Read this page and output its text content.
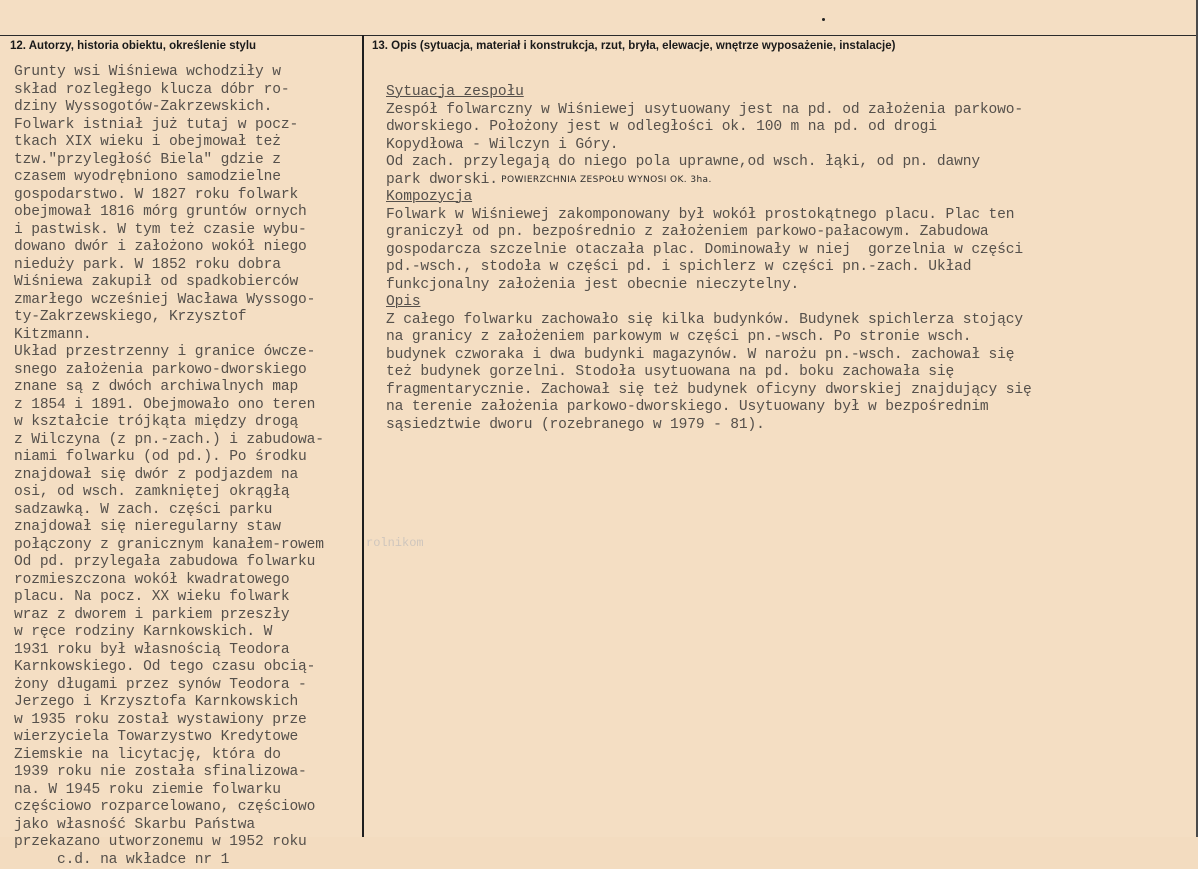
12. Autorzy, historia obiektu, określenie stylu	13. Opis (sytuacja, materiał i konstrukcja, rzut, bryła, elewacje, wnętrze wyposażenie, instalacje)
Grunty wsi Wiśniewa wchodziły w
skład rozległego klucza dóbr ro-
dziny Wyssogotów-Zakrzewskich.
Folwark istniał już tutaj w pocz-
tkach XIX wieku i obejmował też
tzw."przyległość Biela" gdzie z
czasem wyodrębniono samodzielne
gospodarstwo. W 1827 roku folwark
obejmował 1816 mórg gruntów ornych
i pastwisk. W tym też czasie wybu-
dowano dwór i założono wokół niego
nieduży park. W 1852 roku dobra
Wiśniewa zakupił od spadkobierców
zmarłego wcześniej Wacława Wyssogo-
ty-Zakrzewskiego, Krzysztof
Kitzmann.
Układ przestrzenny i granice ówcze-
snego założenia parkowo-dworskiego
znane są z dwóch archiwalnych map
z 1854 i 1891. Obejmowało ono teren
w kształcie trójkąta między drogą
z Wilczyna (z pn.-zach.) i zabudowa-
niami folwarku (od pd.). Po środku
znajdował się dwór z podjazdem na
osi, od wsch. zamkniętej okrągłą
sadzawką. W zach. części parku
znajdował się nieregularny staw
połączony z granicznym kanałem-rowem
Od pd. przylegała zabudowa folwarku
rozmieszczona wokół kwadratowego
placu. Na pocz. XX wieku folwark
wraz z dworem i parkiem przeszły
w ręce rodziny Karnkowskich. W
1931 roku był własnością Teodora
Karnkowskiego. Od tego czasu obcią-
żony długami przez synów Teodora -
Jerzego i Krzysztofa Karnkowskich
w 1935 roku został wystawiony prze
wierzyciela Towarzystwo Kredytowe
Ziemskie na licytację, która do
1939 roku nie została sfinalizowa-
na. W 1945 roku ziemie folwarku
częściowo rozparcelowano, częściowo
jako własność Skarbu Państwa
przekazano utworzonemu w 1952 roku
c.d. na wkładce nr 1
Sytuacja zespołu
Zespół folwarczny w Wiśniewej usytuowany jest na pd. od założenia parkowo-
dworskiego. Położony jest w odległości ok. 100 m na pd. od drogi
Kopydłowa - Wilczyn i Góry.
Od zach. przylegają do niego pola uprawne,od wsch. łąki, od pn. dawny
park dworski. POWIERZCHNIA ZESPOŁU WYNOSI OK. 3ha.
Kompozycja
Folwark w Wiśniewej zakomponowany był wokół prostokątnego placu. Plac ten
graniczył od pn. bezpośrednio z założeniem parkowo-pałacowym. Zabudowa
gospodarcza szczelnie otaczała plac. Dominowały w niej  gorzelnia w części
pd.-wsch., stodoła w części pd. i spichlerz w części pn.-zach. Układ
funkcjonalny założenia jest obecnie nieczytelny.
Opis
Z całego folwarku zachowało się kilka budynków. Budynek spichlerza stojący
na granicy z założeniem parkowym w części pn.-wsch. Po stronie wsch.
budynek czworaka i dwa budynki magazynów. W narożu pn.-wsch. zachował się
też budynek gorzelni. Stodoła usytuowana na pd. boku zachowała się
fragmentarycznie. Zachował się też budynek oficyny dworskiej znajdujący się
na terenie założenia parkowo-dworskiego. Usytuowany był w bezpośrednim
sąsiedztwie dworu (rozebranego w 1979 - 81).
rolnikom
